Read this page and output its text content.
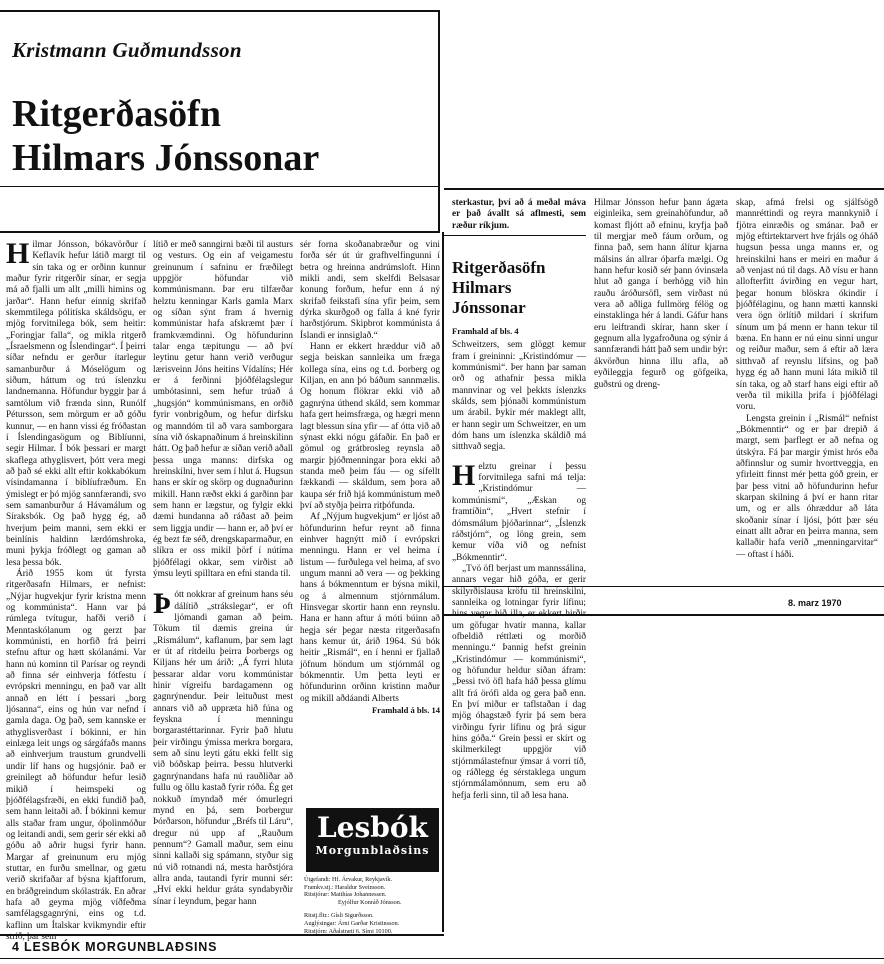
Kristmann Guðmundsson
Ritgerðasöfn
Hilmars Jónssonar

Hilmar Jónsson, bókavörður í Keflavík hefur látið margt til sín taka og er orðinn kunnur maður fyrir ritgerðir sínar, er segja má að fjalli um allt „milli himins og jarðar“. Hann hefur einnig skrifað skemmtilega pólitíska skáldsögu, er mjög forvitnilega bók, sem heitir: „Foringjar falla“, og mikla ritgerð „Ísraelsmenn og Íslendingar“. Í þeirri síðar nefndu er gerður ítarlegur samanburður á Móselögum og siðum, háttum og trú íslenzku landnemanna. Höfundur byggir þar á samtölum við frænda sinn, Runólf Pétursson, sem mörgum er að góðu kunnur, — en hann vissi ég fróðastan í Íslendingasögum og Biblíunni, segir Hilmar. Í bók þessari er margt skaflega athyglisvert, þótt vera megi að það sé ekki allt eftir kokkabókum vísindamanna í biblíufræðum. En ýmislegt er þó mjög sannfærandi, svo sem samanburður á Hávamálum og Síraksbók. Og það hygg ég, að hverjum þeim manni, sem ekki er beinlínis haldinn lærdómshroka, muni þykja fróðlegt og gaman að lesa þessa bók.

Árið 1955 kom út fyrsta ritgerðasafn Hilmars, er nefnist: „Nýjar hugvekjur fyrir kristna menn og kommúnista“. Hann var þá rúmlega tvítugur, hafði verið í Menntaskólanum og gerzt þar kommúnisti, en horfið frá þeirri stefnu aftur og hætt skólanámi. Var hann nú kominn til Parísar og reyndi að finna sér einhverja fótfestu í evrópskri menningu, en það var allt annað en létt í þessari „borg ljósanna“, eins og hún var nefnd í gamla daga. Og það, sem kannske er athyglisverðast í bókinni, er hin einlæga leit ungs og sárgáfaðs manns að einhverjum traustum grundvelli undir líf hans og hugsjónir. Það er greinilegt að höfundur hefur lesið mikið í heimspeki og þjóðfélagsfræði, en ekki fundið það, sem hann leitaði að. Í bókinni kemur alls staðar fram ungur, óþolinmóður og leitandi andi, sem gerir sér ekki að góðu að aðrir hugsi fyrir hann. Margar af greinunum eru mjög stuttar, en furðu smellnar, og gætu verið skrifaðar af býsna kjaftforum, en bráðgreindum skólastrák. En aðrar hafa að geyma mjög víðfeðma samfélagsgagnrýni, eins og t.d. kaflinn um Ítalskar kvikmyndir eftir stríð, þar sem

lítið er með sanngirni bæði til austurs og vesturs. Og ein af veigamestu greinunum í safninu er fræðilegt uppgjör höfundar við kommúnismann. Þar eru tilfærðar helztu kenningar Karls gamla Marx og síðan sýnt fram á hvernig kommúnistar hafa afskræmt þær í framkvæmdinni. Og höfundurinn talar enga tæpitungu — að því leytinu getur hann verið verðugur lærisveinn Jóns heitins Vídalíns; Hér er á ferðinni þjóðfélagslegur umbótasinni, sem hefur trúað á „hugsjón“ kommúnismans, en orðið fyrir vonbrigðum, og hefur dirfsku og manndóm til að vara samborgara sína við óskapnaðinum á hreinskilinn hátt. Og það hefur æ síðan verið aðall þessa unga manns: dirfska og hreinskilni, hver sem í hlut á. Hugsun hans er skír og skörp og dugnaðurinn mikill. Hann ræðst ekki á garðinn þar sem hann er lægstur, og fylgir ekki dæmi hundanna að ráðast að þeim sem liggja undir — hann er, að því er ég bezt fæ séð, drengskaparmaður, en slíkra er oss mikil þörf í nútíma þjóðfélagi okkar, sem virðist að ýmsu leyti spilltara en efni standa til.

Þótt nokkrar af greinum hans séu dálítið „strákslegar“, er oft ljómandi gaman að þeim. Tökum til dæmis greina úr „Rismálum“, kaflanum, þar sem lagt er út af ritdeilu þeirra Þorbergs og Kiljans hér um árið: „Á fyrri hluta þessarar aldar voru kommúnistar hinir vígreifu bardagamenn og gagnrýnendur. Þeir leituðust mest annars við að uppræta hið fúna og feyskna í menningu borgarastéttarinnar. Fyrir það hlutu þeir virðingu ýmissa merkra borgara, sem að sínu leyti gátu ekki fellt sig við bóðskap þeirra. Þessu hlutverki gagnrýnandans hafa nú rauðliðar að fullu og öllu kastað fyrir róða. Ég get nokkuð ímyndað mér ómurlegri mynd en þá, sem Þorbergur Þórðarson, höfundur „Bréfs til Láru“, dregur nú upp af „Rauðum pennum“? Gamall maður, sem einu sinni kallaði sig spámann, styður sig nú við rotnandi ná, mesta harðstjóra allra anda, tautandi fyrir munni sér: „Hví ekki heldur gráta syndabyrðir sínar í leyndum, þegar hann

sér forna skoðanabræður og vini forða sér út úr grafhvelfingunni í betra og hreinna andrúmsloft. Hinn mikli andi, sem skelfdi Belsasar konung forðum, hefur enn á ný skrifað feikstafi sína yfir þeim, sem dýrka skurðgoð og falla á kné fyrir harðstjórum. Skipbrot kommúnista á Íslandi er innsiglað.“

Hann er ekkert hræddur við að segja beiskan sannleika um fræga kollega sína, eins og t.d. Þorberg og Kiljan, en ann þó báðum sannmælis. Og honum flökrar ekki við að gagnrýna úthend skáld, sem kommar hafa gert heimsfræga, og hægri menn lagt blessun sína yfir — af ótta við að sýnast ekki nógu gáfaðir. En það er gömul og grátbrosleg reynsla að margir þjóðmenningar þora ekki að standa með þeim fáu — og sífellt fækkandi — skáldum, sem þora að kaupa sér frið hjá kommúnistum með því að styðja þeirra ritþófunda.

Af „Nýjum hugvekjum“ er ljóst að höfundurinn hefur reynt að finna einhver hagnýtt mið í evrópskri menningu. Hann er vel heima í listum — furðulega vel heima, af svo ungum manni að vera — og þekking hans á bókmenntum er býsna mikil, og á almennum stjórnmálum. Hinsvegar skortir hann enn reynslu. Hana er hann aftur á móti búinn að hegja sér þegar næsta ritgerðasafn hans kemur út, árið 1964. Sú bók heitir „Rismál“, en í henni er fjallað jöfnum höndum um stjórnmál og bókmenntir. Um þetta leyti er höfundurinn orðinn kristinn maður og mikill aðdáandi Alberts

Framhald á bls. 14
Lesbók
Morgunblaðsins
Útgefandi: Hf. Árvakur, Reykjavík.
Framkv.stj.: Haraldur Sveinsson.
Ritstjórar: Matthías Johannessen.
Eyjólfur Konráð Jónsson.
Ritstj.fltr.: Gísli Sigurðsson.
Auglýsingar: Árni Garðar Kristinsson.
Ritstjórn: Aðalstræti 6. Sími 10100.

sterkastur, því að á meðal máva er það ávallt sá aflmesti, sem ræður ríkjum.

Ritgerðasöfn
Hilmars
Jónssonar
Framhald af bls. 4

Schweitzers, sem glöggt kemur fram í greininni: „Kristindómur — kommúnismi“. Þer hann þar saman orð og athafnir þessa mikla mannvinar og vel þekkts íslenzks skálds, sem þjónaði kommúnistum um árabil. Þykir mér maklegt allt, er hann segir um Schweitzer, en um dóm hans um íslenzka skáldið má sitthvað segja.

Helztu greinar í þessu forvitnilega safni má telja: „Kristindómur — kommúnismi“, „Æskan og framtíðin“, „Hvert stefnir í dómsmálum þjóðarinnar“, „Íslenzk ráðstjórn“, og löng grein, sem kemur víða við og nefnist „Bókmenntir“.

„Tvö öfl berjast um mannssálina, annars vegar hið góða, er gerir skilyrðislausa kröfu til hreinskilni, sannleika og lotningar fyrir lífinu; hins vegar hið illa, er ekkert hirðir um göfugar hvatir manna, kallar ofbeldið réttlæti og morðið menningu.“ Þannig hefst greinin „Kristindómur — kommúnismi“, og höfundur heldur síðan áfram: „Þessi tvö öfl hafa háð þessa glímu allt frá örófi alda og gera það enn. En því miður er taflstaðan í dag mjög óhagstæð fyrir þá sem bera virðingu fyrir lífinu og þrá sigur hins góða.“ Grein þessi er skírt og skilmerkilegt uppgjör við stjórnmálastefnur ýmsar á vorri tíð, og ráðlegg ég sérstaklega ungum stjórnmálamönnum, sem eru að hefja ferli sinn, til að lesa hana.

Hilmar Jónsson hefur þann ágæta eiginleika, sem greinahöfundur, að komast fljótt að efninu, kryfja það til mergjar með fáum orðum, og finna það, sem hann álítur kjarna málsins án allrar óþarfa mælgi. Og hann hefur kosið sér þann óvinsæla hlut að ganga í berhögg við hin rauðu áróðursöfl, sem virðast nú vera að aðliga fullmörg félög og einstaklinga hér á landi. Gáfur hans eru leiftrandi skírar, hann sker í gegnum alla lygafroðuna og sýnir á sannfærandi hátt það sem undir býr: ákvörðun hinna illu afla, að eyðileggja fegurð og göfgeika, guðstrú og dreng-

skap, afmá frelsi og sjálfsögð mannréttindi og reyra mannkynið í fjötra einræðis og smánar. Það er mjög eftirtektarvert hve frjáls og óháð hugsun þessa unga manns er, og hreinskilni hans er meiri en maður á að venjast nú til dags. Að vísu er hann allofterfitt ávirðing en vegur hart, þegar honum blöskra ókindir í þjóðfélaginu, og hann mætti kannski vera ögn örlítið mildari í skrifum sínum um þá menn er hann tekur til bæna. En hann er nú einu sinni ungur og reiður maður, sem á eftir að læra sitthvað af reynslu lífsins, og það hygg ég að hann muni láta mikið til sín taka, og að starf hans eigi eftir að verða til mikilla þrifa í þjóðfélagi voru.

Lengsta greinin í „Rismál“ nefnist „Bókmenntir“ og er þar drepið á margt, sem þarflegt er að nefna og útskýra. Fá þar margir ýmist hrós eða aðfinnslur og sumir hvorttveggja, en yfirleitt finnst mér þetta góð grein, er þar þess vitni að höfundurinn hefur skarpan skilning á því er hann ritar um, og er alls óhræddur að láta skoðanir sínar í ljósi, þótt þær séu einatt allt aðrar en þeirra manna, sem kallaðir hafa verið „menningarvitar“ — oftast í háði.

8. marz 1970
4 LESBÓK MORGUNBLAÐSINS
